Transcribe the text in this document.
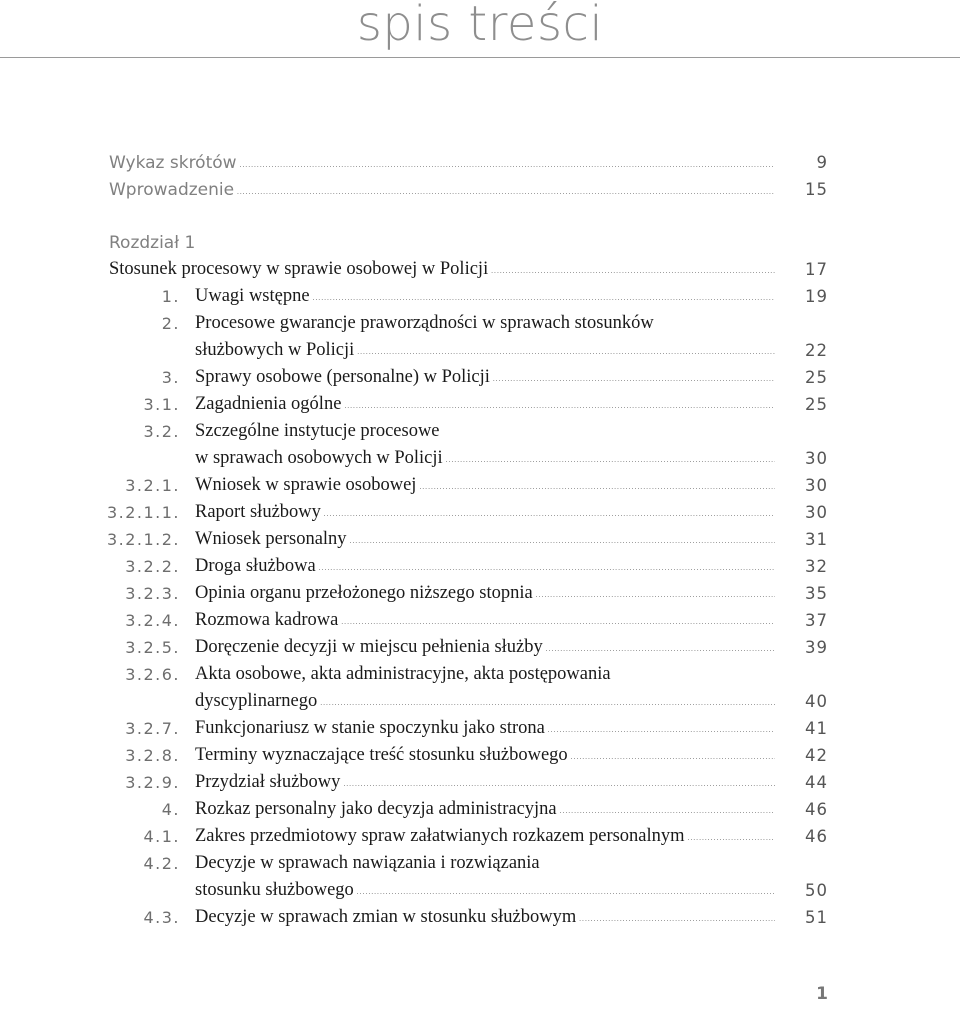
spis treści
Wykaz skrótów .....	9
Wprowadzenie .....	15
Rozdział 1
Stosunek procesowy w sprawie osobowej w Policji .....	17
1. Uwagi wstępne .....	19
2. Procesowe gwarancje praworządności w sprawach stosunków
służbowych w Policji .....	22
3. Sprawy osobowe (personalne) w Policji .....	25
3.1. Zagadnienia ogólne .....	25
3.2. Szczególne instytucje procesowe
w sprawach osobowych w Policji .....	30
3.2.1. Wniosek w sprawie osobowej .....	30
3.2.1.1. Raport służbowy .....	30
3.2.1.2. Wniosek personalny .....	31
3.2.2. Droga służbowa .....	32
3.2.3. Opinia organu przełożonego niższego stopnia .....	35
3.2.4. Rozmowa kadrowa .....	37
3.2.5. Doręczenie decyzji w miejscu pełnienia służby .....	39
3.2.6. Akta osobowe, akta administracyjne, akta postępowania
dyscyplinarnego .....	40
3.2.7. Funkcjonariusz w stanie spoczynku jako strona .....	41
3.2.8. Terminy wyznaczające treść stosunku służbowego .....	42
3.2.9. Przydział służbowy .....	44
4. Rozkaz personalny jako decyzja administracyjna .....	46
4.1. Zakres przedmiotowy spraw załatwianych rozkazem personalnym .....	46
4.2. Decyzje w sprawach nawiązania i rozwiązania
stosunku służbowego .....	50
4.3. Decyzje w sprawach zmian w stosunku służbowym .....	51
1
